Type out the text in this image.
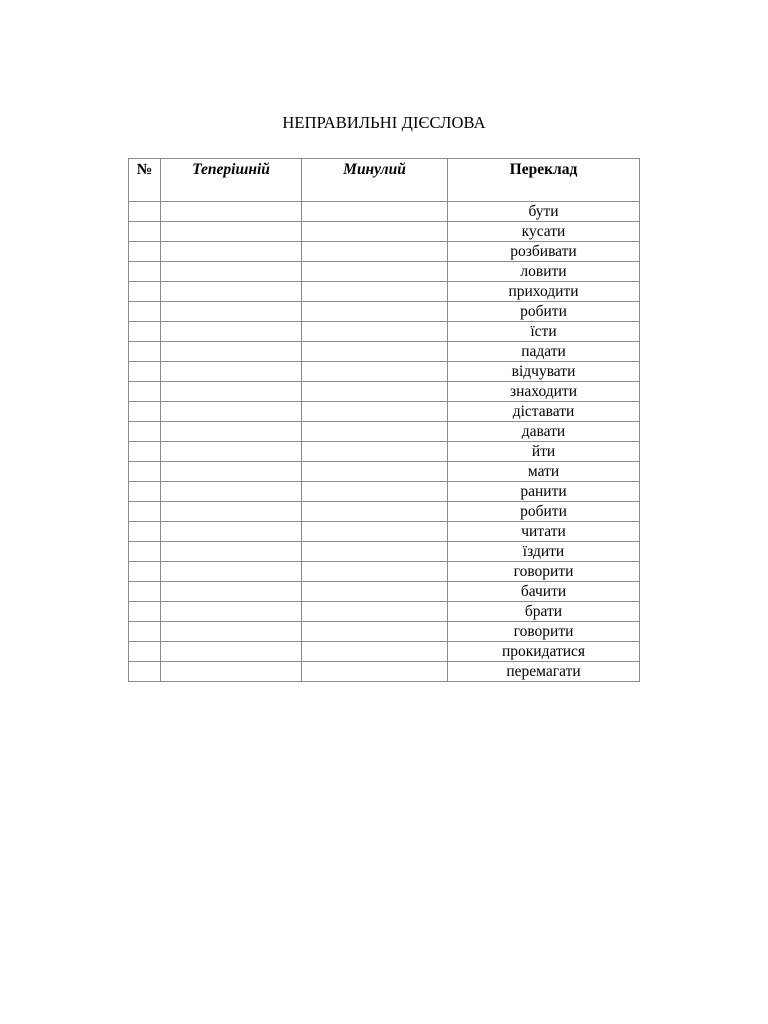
НЕПРАВИЛЬНІ ДІЄСЛОВА
№	Теперішній	Минулий	Переклад
			бути
			кусати
			розбивати
			ловити
			приходити
			робити
			їсти
			падати
			відчувати
			знаходити
			діставати
			давати
			йти
			мати
			ранити
			робити
			читати
			їздити
			говорити
			бачити
			брати
			говорити
			прокидатися
			перемагати
